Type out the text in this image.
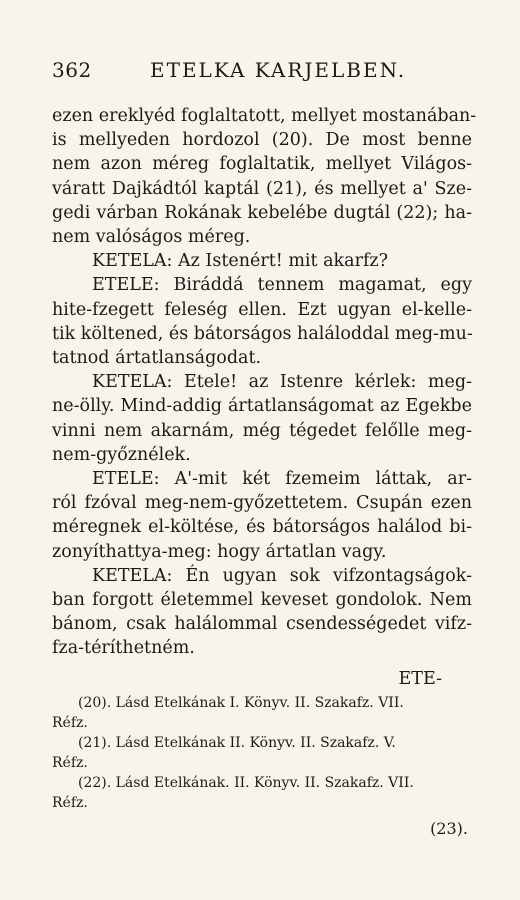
362	ETELKA KARJELBEN.
ezen ereklyéd foglaltatott, mellyet mostanában-
is mellyeden hordozol (20). De most benne
nem azon méreg foglaltatik, mellyet Világos-
váratt Dajkádtól kaptál (21), és mellyet a' Sze-
gedi várban Rokának kebelébe dugtál (22); ha-
nem valóságos méreg.
KETELA: Az Istenért! mit akarfz?
ETELE: Biráddá tennem magamat, egy
hite-fzegett feleség ellen. Ezt ugyan el-kelle-
tik költened, és bátorságos haláloddal meg-mu-
tatnod ártatlanságodat.
KETELA: Etele! az Istenre kérlek: meg-
ne-ölly. Mind-addig ártatlanságomat az Egekbe
vinni nem akarnám, még tégedet felőlle meg-
nem-győznélek.
ETELE: A'-mit két fzemeim láttak, ar-
ról fzóval meg-nem-győzettetem. Csupán ezen
méregnek el-költése, és bátorságos halálod bi-
zonyíthattya-meg: hogy ártatlan vagy.
KETELA: Én ugyan sok vifzontagságok-
ban forgott életemmel keveset gondolok. Nem
bánom, csak halálommal csendességedet vifz-
fza-téríthetném.
ETE-
(20). Lásd Etelkának I. Könyv. II. Szakafz. VII.
Réfz.
(21). Lásd Etelkának II. Könyv. II. Szakafz. V.
Réfz.
(22). Lásd Etelkának. II. Könyv. II. Szakafz. VII.
Réfz.
(23).
